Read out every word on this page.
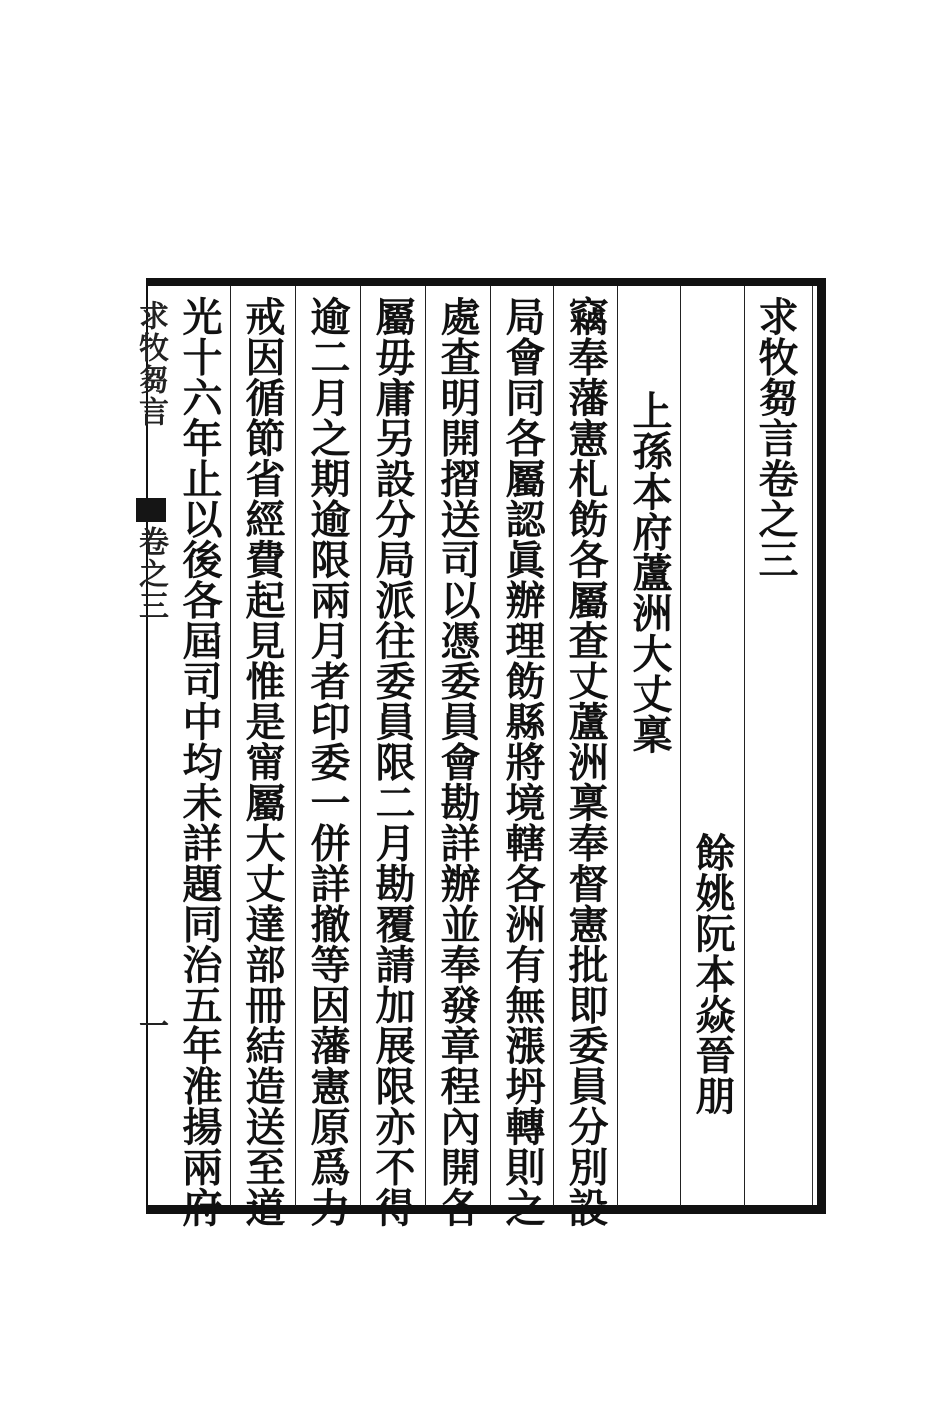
求牧芻言
卷之三
一
求牧芻言卷之三
餘姚阮本焱晉朋
上孫本府蘆洲大丈稟
竊奉藩憲札飭各屬查丈蘆洲稟奉督憲批即委員分別設
局會同各屬認眞辦理飭縣將境轄各洲有無漲坍轉則之
處查明開摺送司以憑委員會勘詳辦並奉發章程內開各
屬毋庸另設分局派往委員限二月勘覆請加展限亦不得
逾二月之期逾限兩月者印委一併詳撤等因藩憲原爲力
戒因循節省經費起見惟是甯屬大丈達部冊結造送至道
光十六年止以後各屆司中均未詳題同治五年淮揚兩府
